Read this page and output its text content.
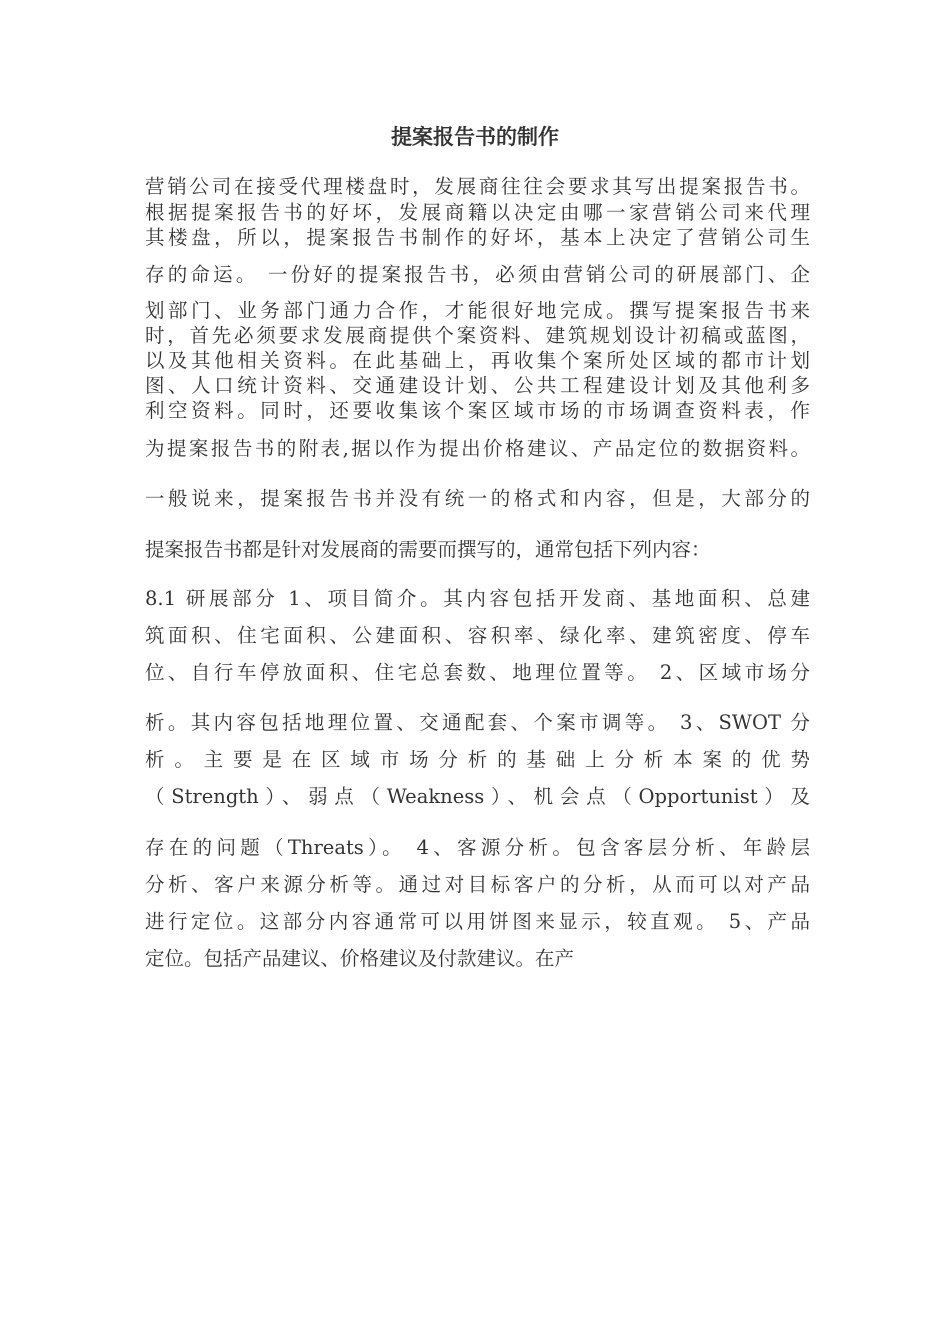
提案报告书的制作
营销公司在接受代理楼盘时，发展商往往会要求其写出提案报告书。
根据提案报告书的好坏，发展商籍以决定由哪一家营销公司来代理
其楼盘，所以，提案报告书制作的好坏，基本上决定了营销公司生
存的命运。 一份好的提案报告书，必须由营销公司的研展部门、企
划部门、业务部门通力合作，才能很好地完成。撰写提案报告书来
时，首先必须要求发展商提供个案资料、建筑规划设计初稿或蓝图，
以及其他相关资料。在此基础上，再收集个案所处区域的都市计划
图、人口统计资料、交通建设计划、公共工程建设计划及其他利多
利空资料。同时，还要收集该个案区域市场的市场调查资料表，作
为提案报告书的附表,据以作为提出价格建议、产品定位的数据资料。
一般说来，提案报告书并没有统一的格式和内容，但是，大部分的
提案报告书都是针对发展商的需要而撰写的，通常包括下列内容：
8.1 研展部分 1、项目简介。其内容包括开发商、基地面积、总建
筑面积、住宅面积、公建面积、容积率、绿化率、建筑密度、停车
位、自行车停放面积、住宅总套数、地理位置等。 2、区域市场分
析。其内容包括地理位置、交通配套、个案市调等。 3、SWOT 分
析 。 主 要 是 在 区 域 市 场 分 析 的 基 础 上 分 析 本 案 的 优 势
（Strength）、弱点（Weakness）、机会点（Opportunist）及
存在的问题（Threats）。 4、客源分析。包含客层分析、年龄层
分析、客户来源分析等。通过对目标客户的分析，从而可以对产品
进行定位。这部分内容通常可以用饼图来显示，较直观。 5、产品
定位。包括产品建议、价格建议及付款建议。在产
